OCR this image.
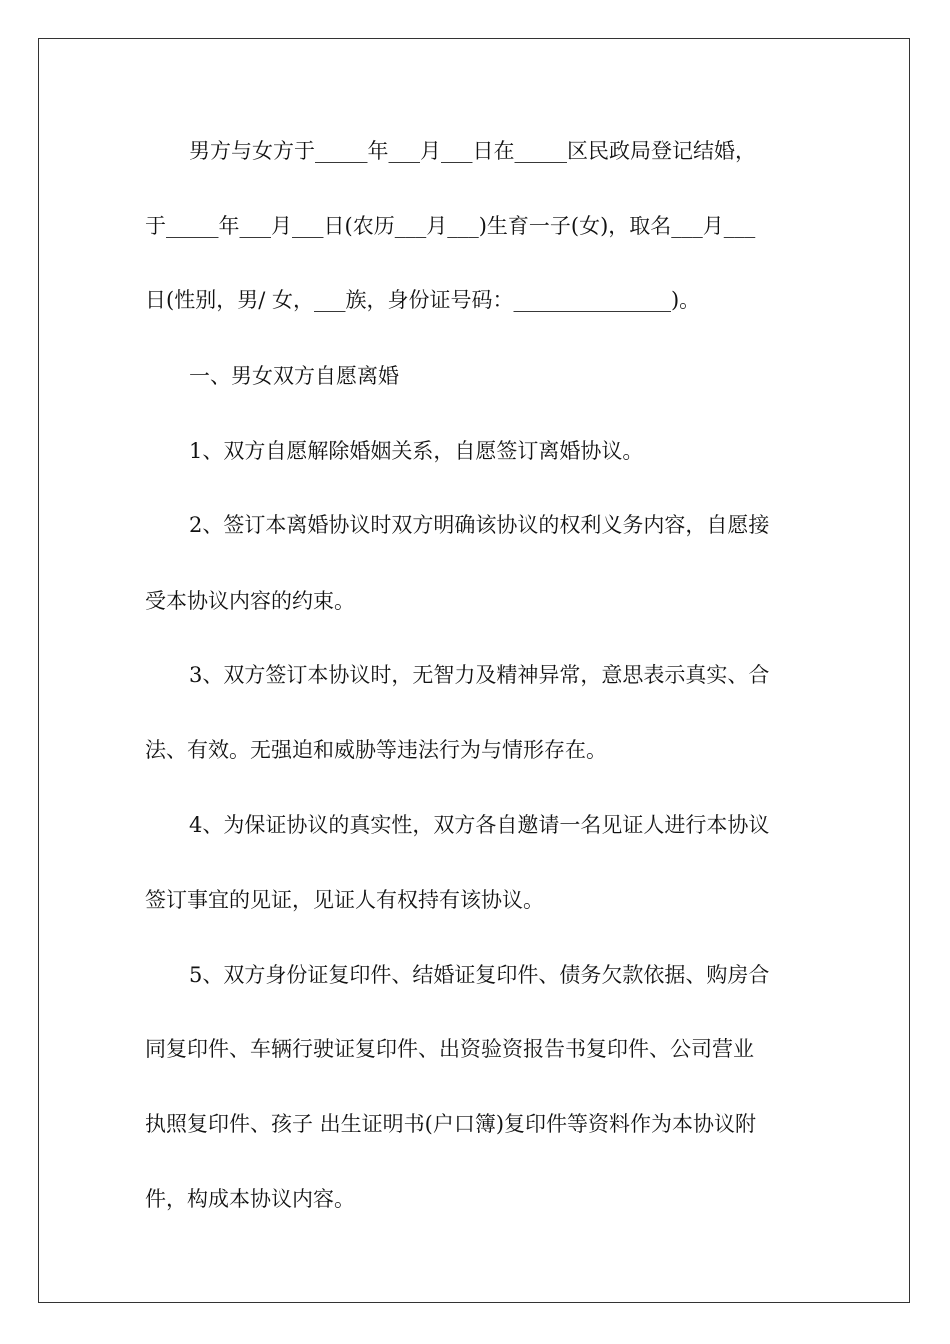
男方与女方于_____年___月___日在_____区民政局登记结婚，
于_____年___月___日(农历___月___)生育一子(女)，取名___月___
日(性别，男/ 女，___族，身份证号码：_______________)。
一、男女双方自愿离婚
1、双方自愿解除婚姻关系，自愿签订离婚协议。
2、签订本离婚协议时双方明确该协议的权利义务内容，自愿接
受本协议内容的约束。
3、双方签订本协议时，无智力及精神异常，意思表示真实、合
法、有效。无强迫和威胁等违法行为与情形存在。
4、为保证协议的真实性，双方各自邀请一名见证人进行本协议
签订事宜的见证，见证人有权持有该协议。
5、双方身份证复印件、结婚证复印件、债务欠款依据、购房合
同复印件、车辆行驶证复印件、出资验资报告书复印件、公司营业
执照复印件、孩子 出生证明书(户口簿)复印件等资料作为本协议附
件，构成本协议内容。
